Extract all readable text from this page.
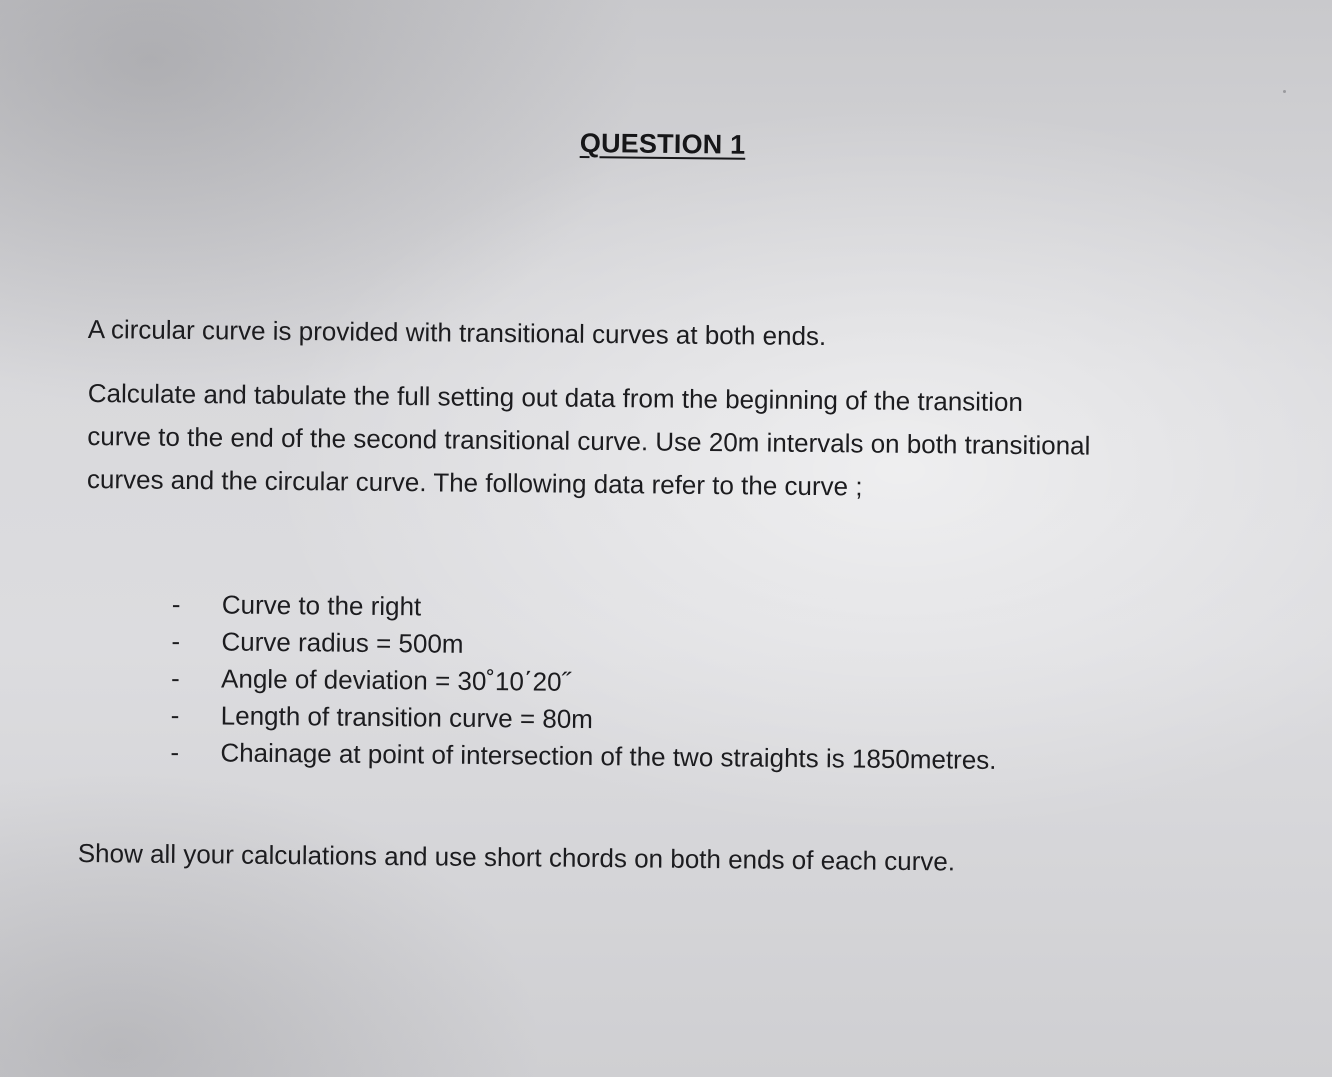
QUESTION 1
A circular curve is provided with transitional curves at both ends.
Calculate and tabulate the full setting out data from the beginning of the transition
curve to the end of the second transitional curve. Use 20m intervals on both transitional
curves and the circular curve. The following data refer to the curve ;
-	Curve to the right
-	Curve radius = 500m
-	Angle of deviation = 30˚10΄20˝
-	Length of transition curve = 80m
-	Chainage at point of intersection of the two straights is 1850metres.
Show all your calculations and use short chords on both ends of each curve.
